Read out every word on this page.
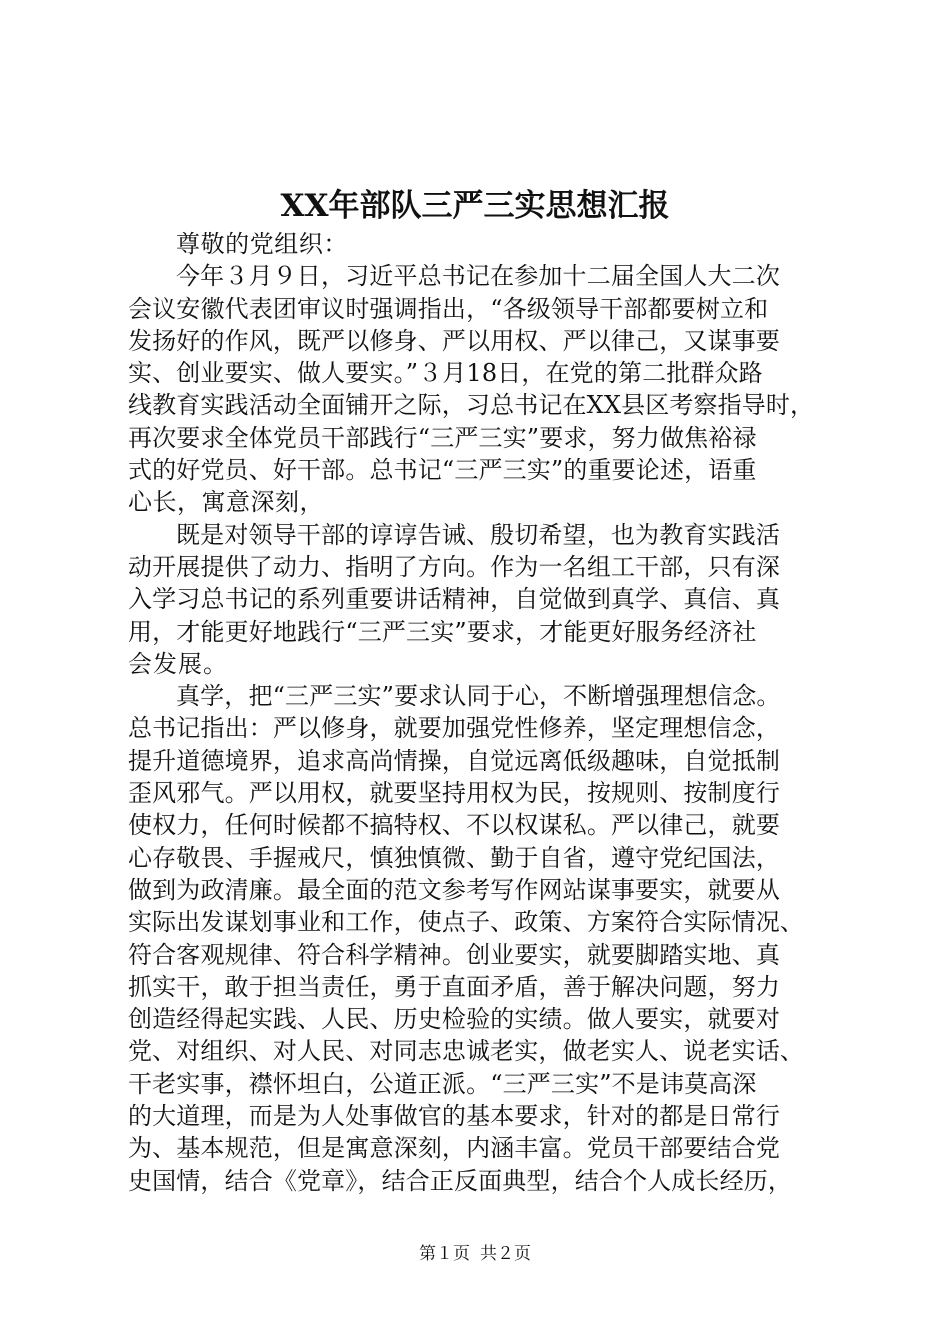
XX年部队三严三实思想汇报
尊敬的党组织：
今年３月９日，习近平总书记在参加十二届全国人大二次
会议安徽代表团审议时强调指出，“各级领导干部都要树立和
发扬好的作风，既严以修身、严以用权、严以律己，又谋事要
实、创业要实、做人要实。”３月18日，在党的第二批群众路
线教育实践活动全面铺开之际，习总书记在XX县区考察指导时，
再次要求全体党员干部践行“三严三实”要求，努力做焦裕禄
式的好党员、好干部。总书记“三严三实”的重要论述，语重
心长，寓意深刻，
既是对领导干部的谆谆告诫、殷切希望，也为教育实践活
动开展提供了动力、指明了方向。作为一名组工干部，只有深
入学习总书记的系列重要讲话精神，自觉做到真学、真信、真
用，才能更好地践行“三严三实”要求，才能更好服务经济社
会发展。
真学，把“三严三实”要求认同于心，不断增强理想信念。
总书记指出：严以修身，就要加强党性修养，坚定理想信念，
提升道德境界，追求高尚情操，自觉远离低级趣味，自觉抵制
歪风邪气。严以用权，就要坚持用权为民，按规则、按制度行
使权力，任何时候都不搞特权、不以权谋私。严以律己，就要
心存敬畏、手握戒尺，慎独慎微、勤于自省，遵守党纪国法，
做到为政清廉。最全面的范文参考写作网站谋事要实，就要从
实际出发谋划事业和工作，使点子、政策、方案符合实际情况、
符合客观规律、符合科学精神。创业要实，就要脚踏实地、真
抓实干，敢于担当责任，勇于直面矛盾，善于解决问题，努力
创造经得起实践、人民、历史检验的实绩。做人要实，就要对
党、对组织、对人民、对同志忠诚老实，做老实人、说老实话、
干老实事，襟怀坦白，公道正派。“三严三实”不是讳莫高深
的大道理，而是为人处事做官的基本要求，针对的都是日常行
为、基本规范，但是寓意深刻，内涵丰富。党员干部要结合党
史国情，结合《党章》，结合正反面典型，结合个人成长经历，
第１页 共２页
